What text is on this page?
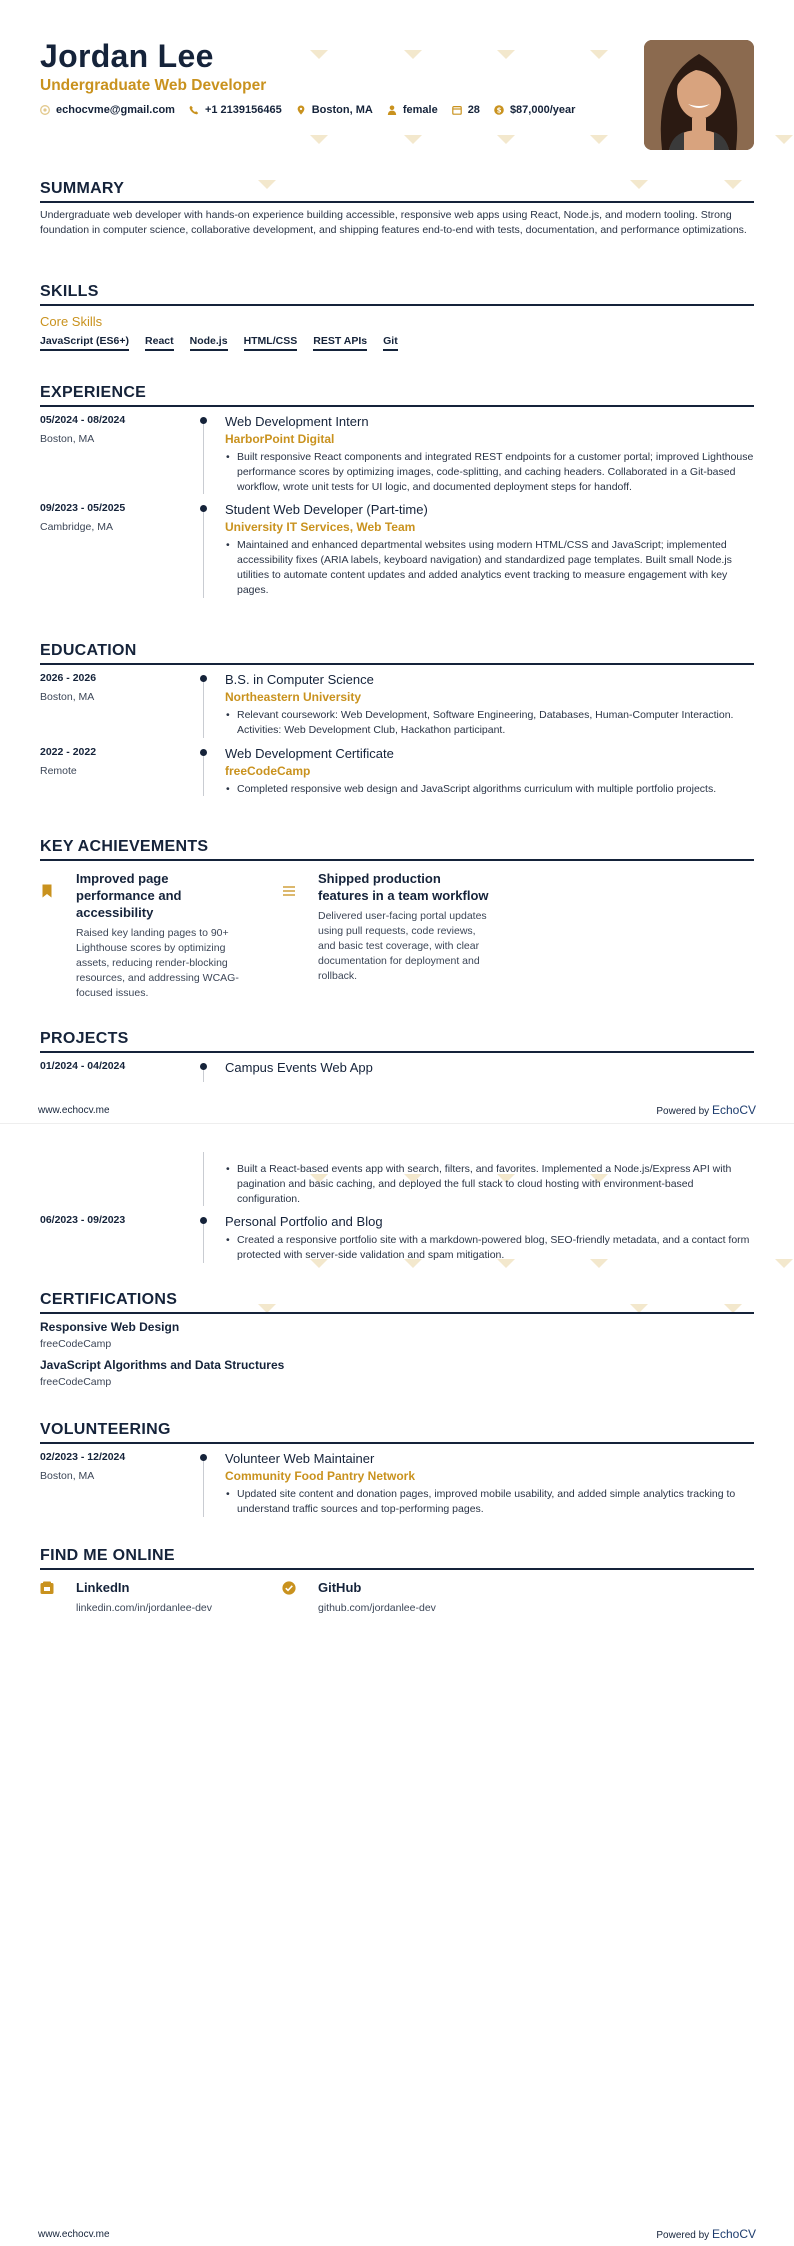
Jordan Lee
Undergraduate Web Developer
echocvme@gmail.com	+1 2139156465	Boston, MA	female	28 $ $87,000/year
SUMMARY
Undergraduate web developer with hands-on experience building accessible, responsive web apps using React, Node.js, and modern tooling. Strong foundation in computer science, collaborative development, and shipping features end-to-end with tests, documentation, and performance optimizations.
SKILLS
Core Skills
JavaScript (ES6+) React Node.js HTML/CSS REST APIs Git
EXPERIENCE
05/2024 - 08/2024
Boston, MA
Web Development Intern
HarborPoint Digital
• Built responsive React components and integrated REST endpoints for a customer portal; improved Lighthouse performance scores by optimizing images, code-splitting, and caching headers. Collaborated in a Git-based workflow, wrote unit tests for UI logic, and documented deployment steps for handoff.
09/2023 - 05/2025
Cambridge, MA
Student Web Developer (Part-time)
University IT Services, Web Team
• Maintained and enhanced departmental websites using modern HTML/CSS and JavaScript; implemented accessibility fixes (ARIA labels, keyboard navigation) and standardized page templates. Built small Node.js utilities to automate content updates and added analytics event tracking to measure engagement with key pages.
EDUCATION
2026 - 2026
Boston, MA
B.S. in Computer Science
Northeastern University
• Relevant coursework: Web Development, Software Engineering, Databases, Human-Computer Interaction. Activities: Web Development Club, Hackathon participant.
2022 - 2022
Remote
Web Development Certificate
freeCodeCamp
• Completed responsive web design and JavaScript algorithms curriculum with multiple portfolio projects.
KEY ACHIEVEMENTS
Improved page performance and accessibility
Raised key landing pages to 90+ Lighthouse scores by optimizing assets, reducing render-blocking resources, and addressing WCAG-focused issues.
Shipped production features in a team workflow
Delivered user-facing portal updates using pull requests, code reviews, and basic test coverage, with clear documentation for deployment and rollback.
PROJECTS
01/2024 - 04/2024	Campus Events Web App
www.echocv.me	Powered by EchoCV
• Built a React-based events app with search, filters, and favorites. Implemented a Node.js/Express API with pagination and basic caching, and deployed the full stack to cloud hosting with environment-based configuration.
06/2023 - 09/2023	Personal Portfolio and Blog
• Created a responsive portfolio site with a markdown-powered blog, SEO-friendly metadata, and a contact form protected with server-side validation and spam mitigation.
CERTIFICATIONS
Responsive Web Design
freeCodeCamp
JavaScript Algorithms and Data Structures
freeCodeCamp
VOLUNTEERING
02/2023 - 12/2024
Boston, MA
Volunteer Web Maintainer
Community Food Pantry Network
• Updated site content and donation pages, improved mobile usability, and added simple analytics tracking to understand traffic sources and top-performing pages.
FIND ME ONLINE
LinkedIn
linkedin.com/in/jordanlee-dev
GitHub
github.com/jordanlee-dev
www.echocv.me	Powered by EchoCV
